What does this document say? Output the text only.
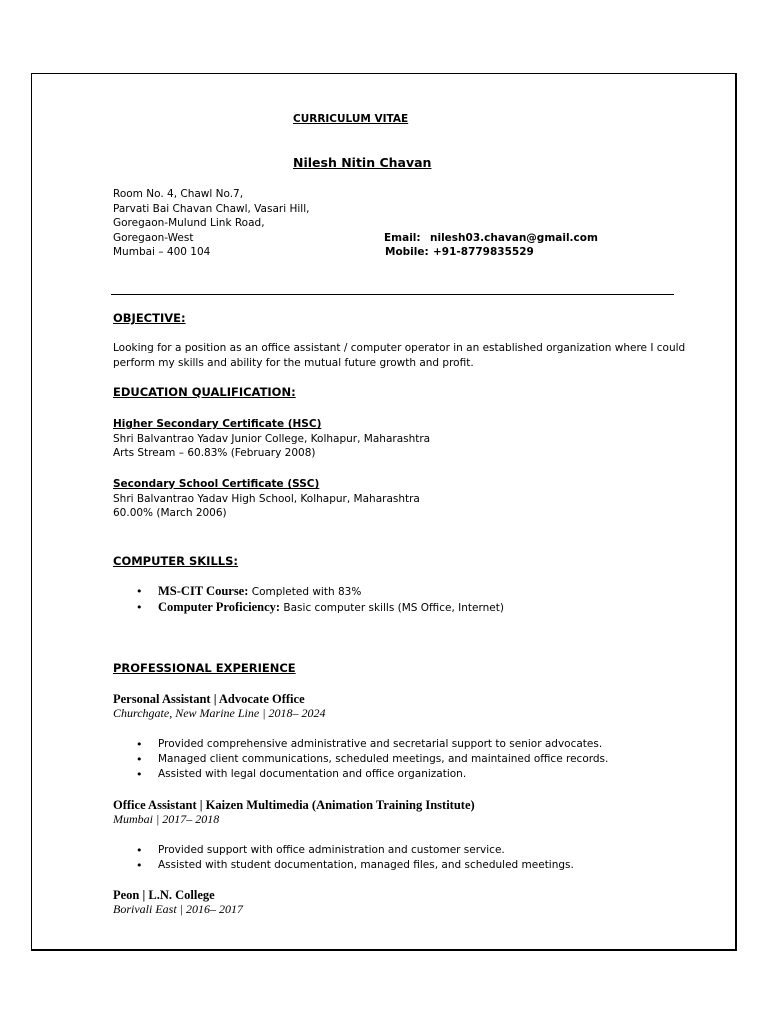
CURRICULUM VITAE
Nilesh Nitin Chavan
Room No. 4, Chawl No.7,
Parvati Bai Chavan Chawl, Vasari Hill,
Goregaon-Mulund Link Road,
Goregaon-West
Mumbai – 400 104
Email: nilesh03.chavan@gmail.com
Mobile: +91-8779835529
OBJECTIVE:
Looking for a position as an office assistant / computer operator in an established organization where I could
perform my skills and ability for the mutual future growth and profit.
EDUCATION QUALIFICATION:
Higher Secondary Certificate (HSC)
Shri Balvantrao Yadav Junior College, Kolhapur, Maharashtra
Arts Stream – 60.83% (February 2008)
Secondary School Certificate (SSC)
Shri Balvantrao Yadav High School, Kolhapur, Maharashtra
60.00% (March 2006)
COMPUTER SKILLS:
• MS-CIT Course: Completed with 83%
• Computer Proficiency: Basic computer skills (MS Office, Internet)
PROFESSIONAL EXPERIENCE
Personal Assistant | Advocate Office
Churchgate, New Marine Line | 2018– 2024
• Provided comprehensive administrative and secretarial support to senior advocates.
• Managed client communications, scheduled meetings, and maintained office records.
• Assisted with legal documentation and office organization.
Office Assistant | Kaizen Multimedia (Animation Training Institute)
Mumbai | 2017– 2018
• Provided support with office administration and customer service.
• Assisted with student documentation, managed files, and scheduled meetings.
Peon | L.N. College
Borivali East | 2016– 2017
